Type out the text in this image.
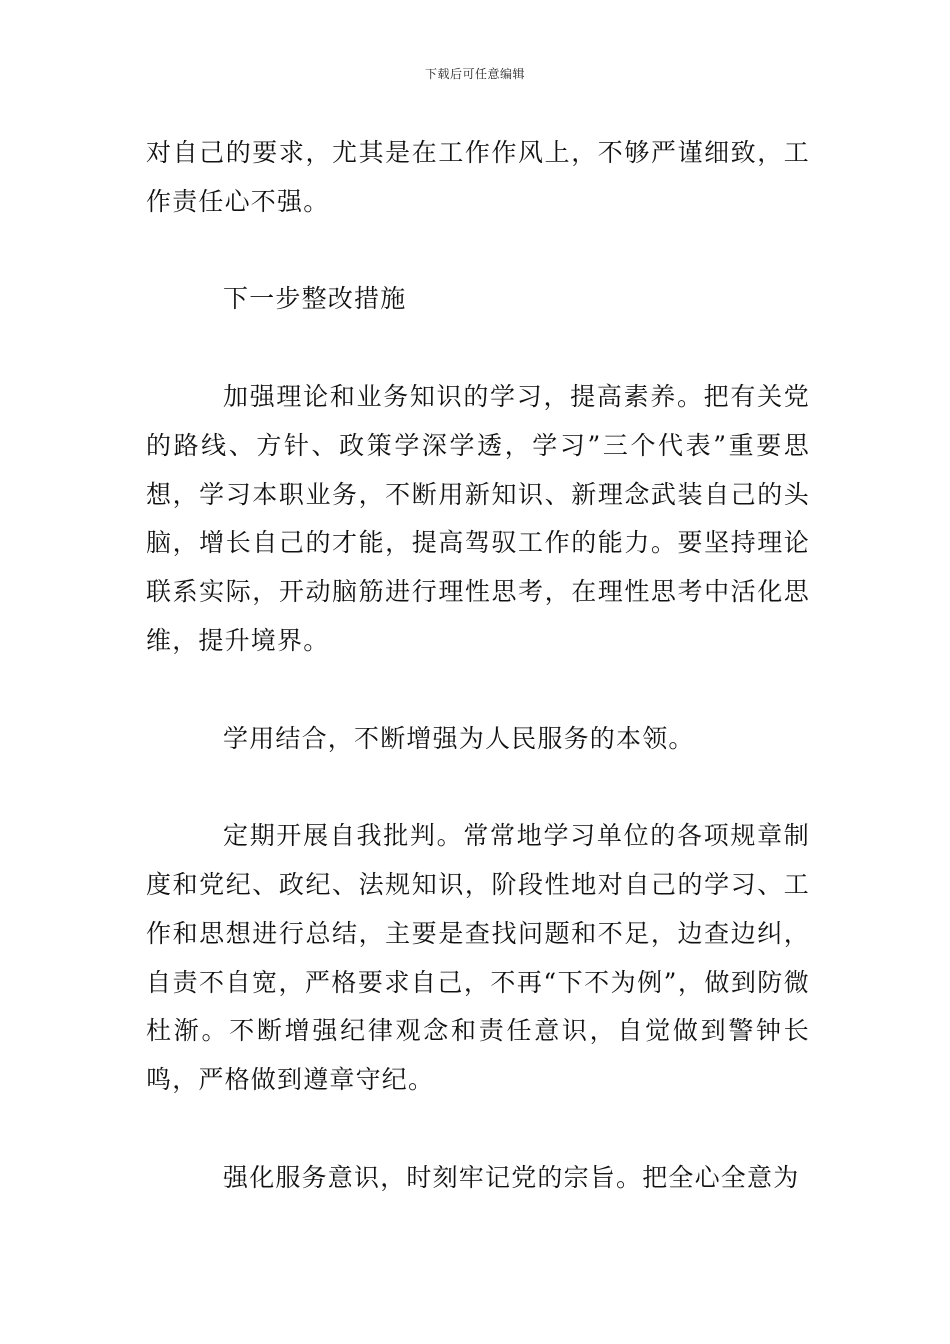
下载后可任意编辑

对自己的要求，尤其是在工作作风上，不够严谨细致，工作责任心不强。

下一步整改措施

加强理论和业务知识的学习，提高素养。把有关党的路线、方针、政策学深学透，学习”三个代表”重要思想，学习本职业务，不断用新知识、新理念武装自己的头脑，增长自己的才能，提高驾驭工作的能力。要坚持理论联系实际，开动脑筋进行理性思考，在理性思考中活化思维，提升境界。

学用结合，不断增强为人民服务的本领。

定期开展自我批判。常常地学习单位的各项规章制度和党纪、政纪、法规知识，阶段性地对自己的学习、工作和思想进行总结，主要是查找问题和不足，边查边纠，自责不自宽，严格要求自己，不再“下不为例”，做到防微杜渐。不断增强纪律观念和责任意识，自觉做到警钟长鸣，严格做到遵章守纪。

强化服务意识，时刻牢记党的宗旨。把全心全意为
